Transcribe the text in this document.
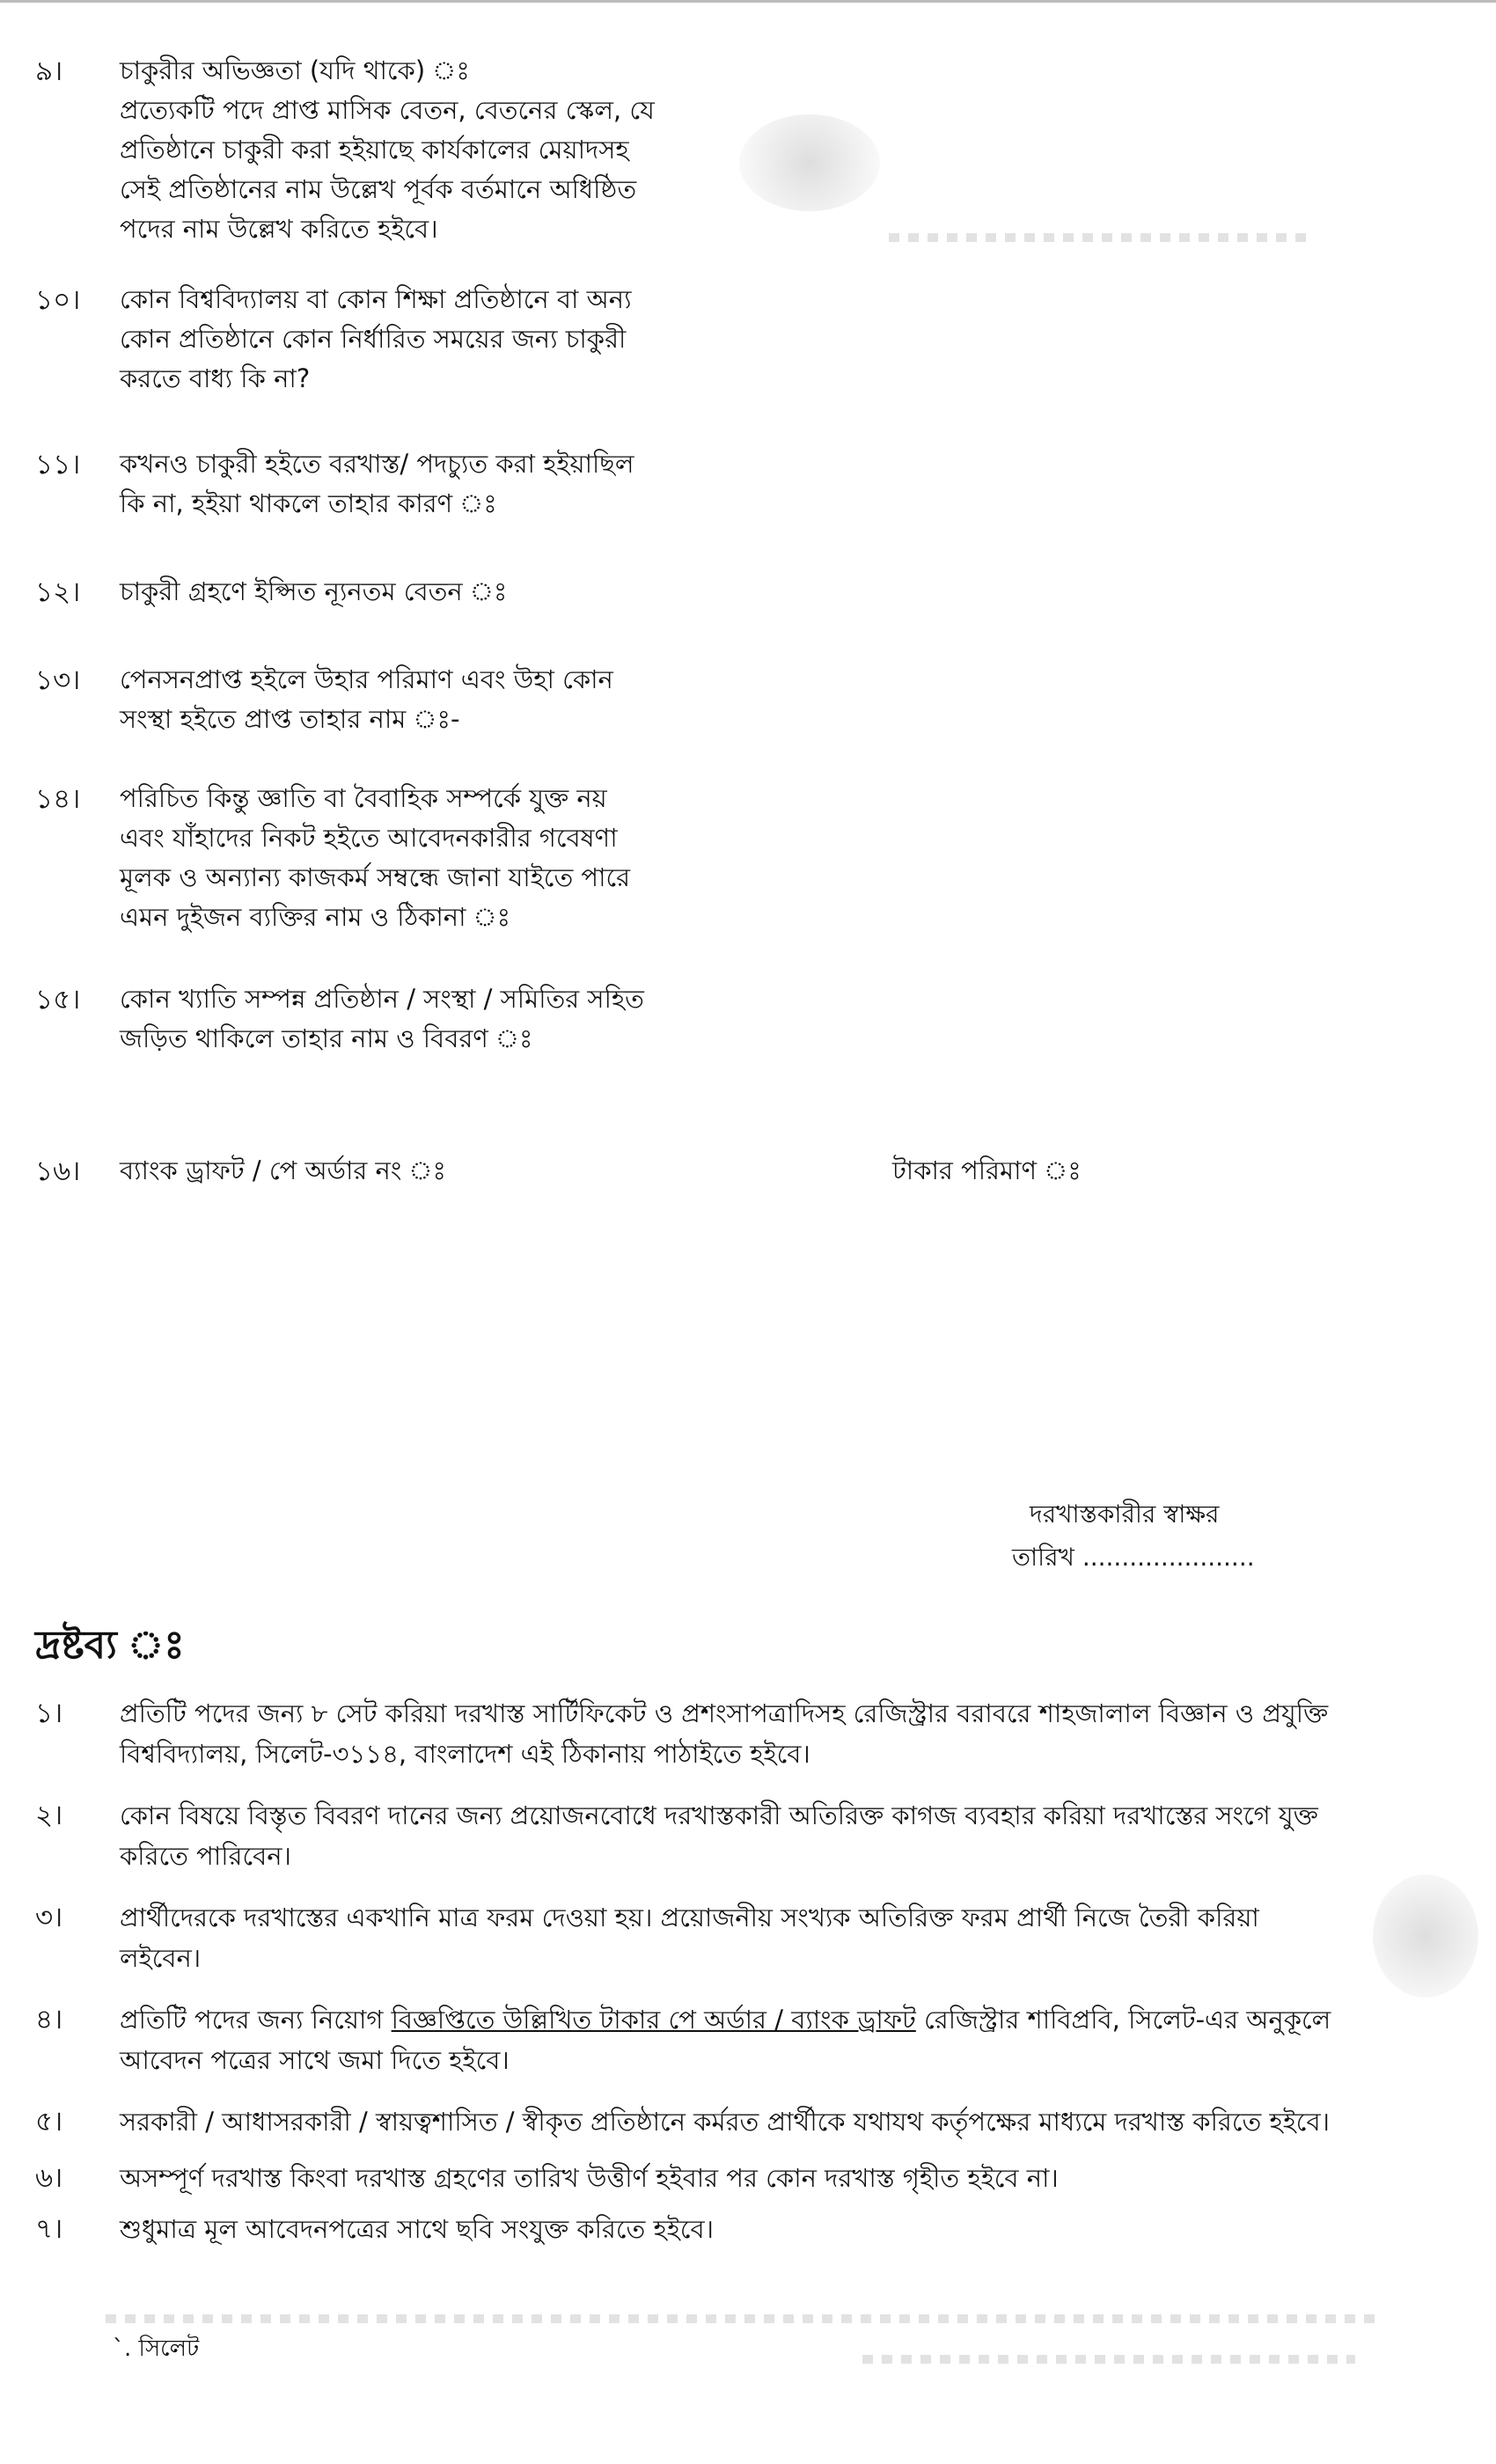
৯। চাকুরীর অভিজ্ঞতা (যদি থাকে) ঃ
প্রত্যেকটি পদে প্রাপ্ত মাসিক বেতন, বেতনের স্কেল, যে
প্রতিষ্ঠানে চাকুরী করা হইয়াছে কার্যকালের মেয়াদসহ
সেই প্রতিষ্ঠানের নাম উল্লেখ পূর্বক বর্তমানে অধিষ্ঠিত
পদের নাম উল্লেখ করিতে হইবে।
১০। কোন বিশ্ববিদ্যালয় বা কোন শিক্ষা প্রতিষ্ঠানে বা অন্য
কোন প্রতিষ্ঠানে কোন নির্ধারিত সময়ের জন্য চাকুরী
করতে বাধ্য কি না?
১১। কখনও চাকুরী হইতে বরখাস্ত/ পদচ্যুত করা হইয়াছিল
কি না, হইয়া থাকলে তাহার কারণ ঃ
১২। চাকুরী গ্রহণে ইপ্সিত ন্যূনতম বেতন ঃ
১৩। পেনসনপ্রাপ্ত হইলে উহার পরিমাণ এবং উহা কোন
সংস্থা হইতে প্রাপ্ত তাহার নাম ঃ-
১৪। পরিচিত কিন্তু জ্ঞাতি বা বৈবাহিক সম্পর্কে যুক্ত নয়
এবং যাঁহাদের নিকট হইতে আবেদনকারীর গবেষণা
মূলক ও অন্যান্য কাজকর্ম সম্বন্ধে জানা যাইতে পারে
এমন দুইজন ব্যক্তির নাম ও ঠিকানা ঃ
১৫। কোন খ্যাতি সম্পন্ন প্রতিষ্ঠান / সংস্থা / সমিতির সহিত
জড়িত থাকিলে তাহার নাম ও বিবরণ ঃ
১৬। ব্যাংক ড্রাফট / পে অর্ডার নং ঃ	টাকার পরিমাণ ঃ
দরখাস্তকারীর স্বাক্ষর
তারিখ ......................
দ্রষ্টব্য ঃ
১। প্রতিটি পদের জন্য ৮ সেট করিয়া দরখাস্ত সার্টিফিকেট ও প্রশংসাপত্রাদিসহ রেজিস্ট্রার বরাবরে শাহজালাল বিজ্ঞান ও প্রযুক্তি
বিশ্ববিদ্যালয়, সিলেট-৩১১৪, বাংলাদেশ এই ঠিকানায় পাঠাইতে হইবে।
২। কোন বিষয়ে বিস্তৃত বিবরণ দানের জন্য প্রয়োজনবোধে দরখাস্তকারী অতিরিক্ত কাগজ ব্যবহার করিয়া দরখাস্তের সংগে যুক্ত
করিতে পারিবেন।
৩। প্রার্থীদেরকে দরখাস্তের একখানি মাত্র ফরম দেওয়া হয়। প্রয়োজনীয় সংখ্যক অতিরিক্ত ফরম প্রার্থী নিজে তৈরী করিয়া
লইবেন।
৪। প্রতিটি পদের জন্য নিয়োগ বিজ্ঞপ্তিতে উল্লিখিত টাকার পে অর্ডার / ব্যাংক ড্রাফট রেজিস্ট্রার শাবিপ্রবি, সিলেট-এর অনুকূলে
আবেদন পত্রের সাথে জমা দিতে হইবে।
৫। সরকারী / আধাসরকারী / স্বায়ত্বশাসিত / স্বীকৃত প্রতিষ্ঠানে কর্মরত প্রার্থীকে যথাযথ কর্তৃপক্ষের মাধ্যমে দরখাস্ত করিতে হইবে।
৬। অসম্পূর্ণ দরখাস্ত কিংবা দরখাস্ত গ্রহণের তারিখ উত্তীর্ণ হইবার পর কোন দরখাস্ত গৃহীত হইবে না।
৭। শুধুমাত্র মূল আবেদনপত্রের সাথে ছবি সংযুক্ত করিতে হইবে।
`. সিলেট
